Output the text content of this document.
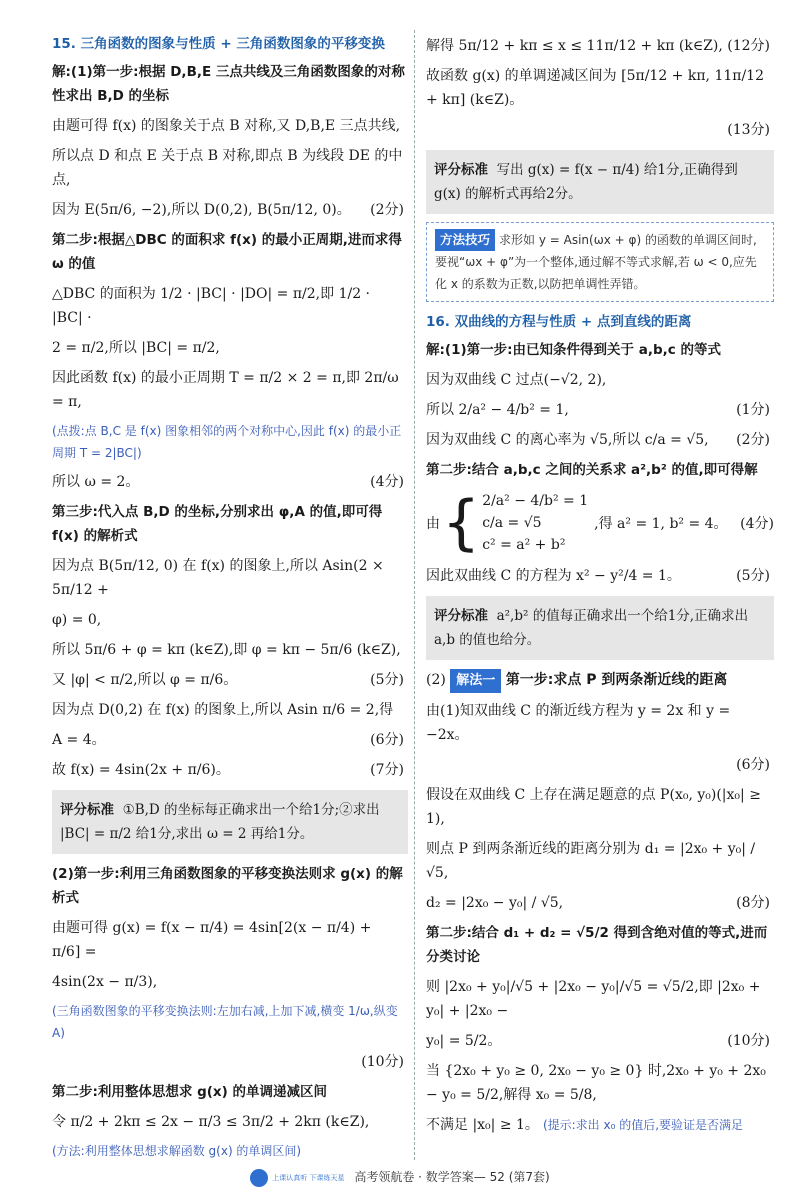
15. 三角函数的图象与性质 + 三角函数图象的平移变换
解:(1)第一步:根据 D,B,E 三点共线及三角函数图象的对称性求出 B,D 的坐标
由题可得 f(x) 的图象关于点 B 对称,又 D,B,E 三点共线,
所以点 D 和点 E 关于点 B 对称,即点 B 为线段 DE 的中点,
因为 E(5π/6, −2),所以 D(0,2), B(5π/12, 0)。 (2分)
第二步:根据△DBC 的面积求 f(x) 的最小正周期,进而求得 ω 的值
△DBC 的面积为 1/2 · |BC| · |DO| = π/2,即 1/2 · |BC| ·
2 = π/2,所以 |BC| = π/2,
因此函数 f(x) 的最小正周期 T = π/2 × 2 = π,即 2π/ω = π,
(点拨:点 B,C 是 f(x) 图象相邻的两个对称中心,因此 f(x) 的最小正周期 T = 2|BC|)
所以 ω = 2。	(4分)
第三步:代入点 B,D 的坐标,分别求出 φ,A 的值,即可得 f(x) 的解析式
因为点 B(5π/12, 0) 在 f(x) 的图象上,所以 Asin(2 × 5π/12 +
φ) = 0,
所以 5π/6 + φ = kπ (k∈Z),即 φ = kπ − 5π/6 (k∈Z),
又 |φ| < π/2,所以 φ = π/6。	(5分)
因为点 D(0,2) 在 f(x) 的图象上,所以 Asin π/6 = 2,得
A = 4。	(6分)
故 f(x) = 4sin(2x + π/6)。	(7分)
评分标准 ①B,D 的坐标每正确求出一个给1分;②求出 |BC| = π/2 给1分,求出 ω = 2 再给1分。
(2)第一步:利用三角函数图象的平移变换法则求 g(x) 的解析式
由题可得 g(x) = f(x − π/4) = 4sin[2(x − π/4) + π/6] =
4sin(2x − π/3),
(三角函数图象的平移变换法则:左加右减,上加下减,横变 1/ω,纵变 A)
(10分)
第二步:利用整体思想求 g(x) 的单调递减区间
令 π/2 + 2kπ ≤ 2x − π/3 ≤ 3π/2 + 2kπ (k∈Z),
(方法:利用整体思想求解函数 g(x) 的单调区间)
解得 5π/12 + kπ ≤ x ≤ 11π/12 + kπ (k∈Z), (12分)
故函数 g(x) 的单调递减区间为 [5π/12 + kπ, 11π/12 + kπ] (k∈Z)。
(13分)
评分标准 写出 g(x) = f(x − π/4) 给1分,正确得到 g(x) 的解析式再给2分。
方法技巧 求形如 y = Asin(ωx + φ) 的函数的单调区间时,要视“ωx + φ”为一个整体,通过解不等式求解,若 ω < 0,应先化 x 的系数为正数,以防把单调性弄错。
16. 双曲线的方程与性质 + 点到直线的距离
解:(1)第一步:由已知条件得到关于 a,b,c 的等式
因为双曲线 C 过点(−√2, 2),
所以 2/a² − 4/b² = 1,	(1分)
因为双曲线 C 的离心率为 √5,所以 c/a = √5, (2分)
第二步:结合 a,b,c 之间的关系求 a²,b² 的值,即可得解
由 { 2/a² − 4/b² = 1
c/a = √5
c² = a² + b²
,得 a² = 1, b² = 4。 (4分)
因此双曲线 C 的方程为 x² − y²/4 = 1。	(5分)
评分标准 a²,b² 的值每正确求出一个给1分,正确求出 a,b 的值也给分。
(2) 解法一 第一步:求点 P 到两条渐近线的距离
由(1)知双曲线 C 的渐近线方程为 y = 2x 和 y = −2x。
(6分)
假设在双曲线 C 上存在满足题意的点 P(x₀, y₀)(|x₀| ≥ 1),
则点 P 到两条渐近线的距离分别为 d₁ = |2x₀ + y₀| / √5,
d₂ = |2x₀ − y₀| / √5,	(8分)
第二步:结合 d₁ + d₂ = √5/2 得到含绝对值的等式,进而分类讨论
则 |2x₀ + y₀|/√5 + |2x₀ − y₀|/√5 = √5/2,即 |2x₀ + y₀| + |2x₀ −
y₀| = 5/2。	(10分)
当 {2x₀ + y₀ ≥ 0, 2x₀ − y₀ ≥ 0} 时,2x₀ + y₀ + 2x₀ − y₀ = 5/2,解得 x₀ = 5/8,
不满足 |x₀| ≥ 1。 (提示:求出 x₀ 的值后,要验证是否满足
上课认真听 下课练天星 高考领航卷 · 数学答案— 52 (第7套)
